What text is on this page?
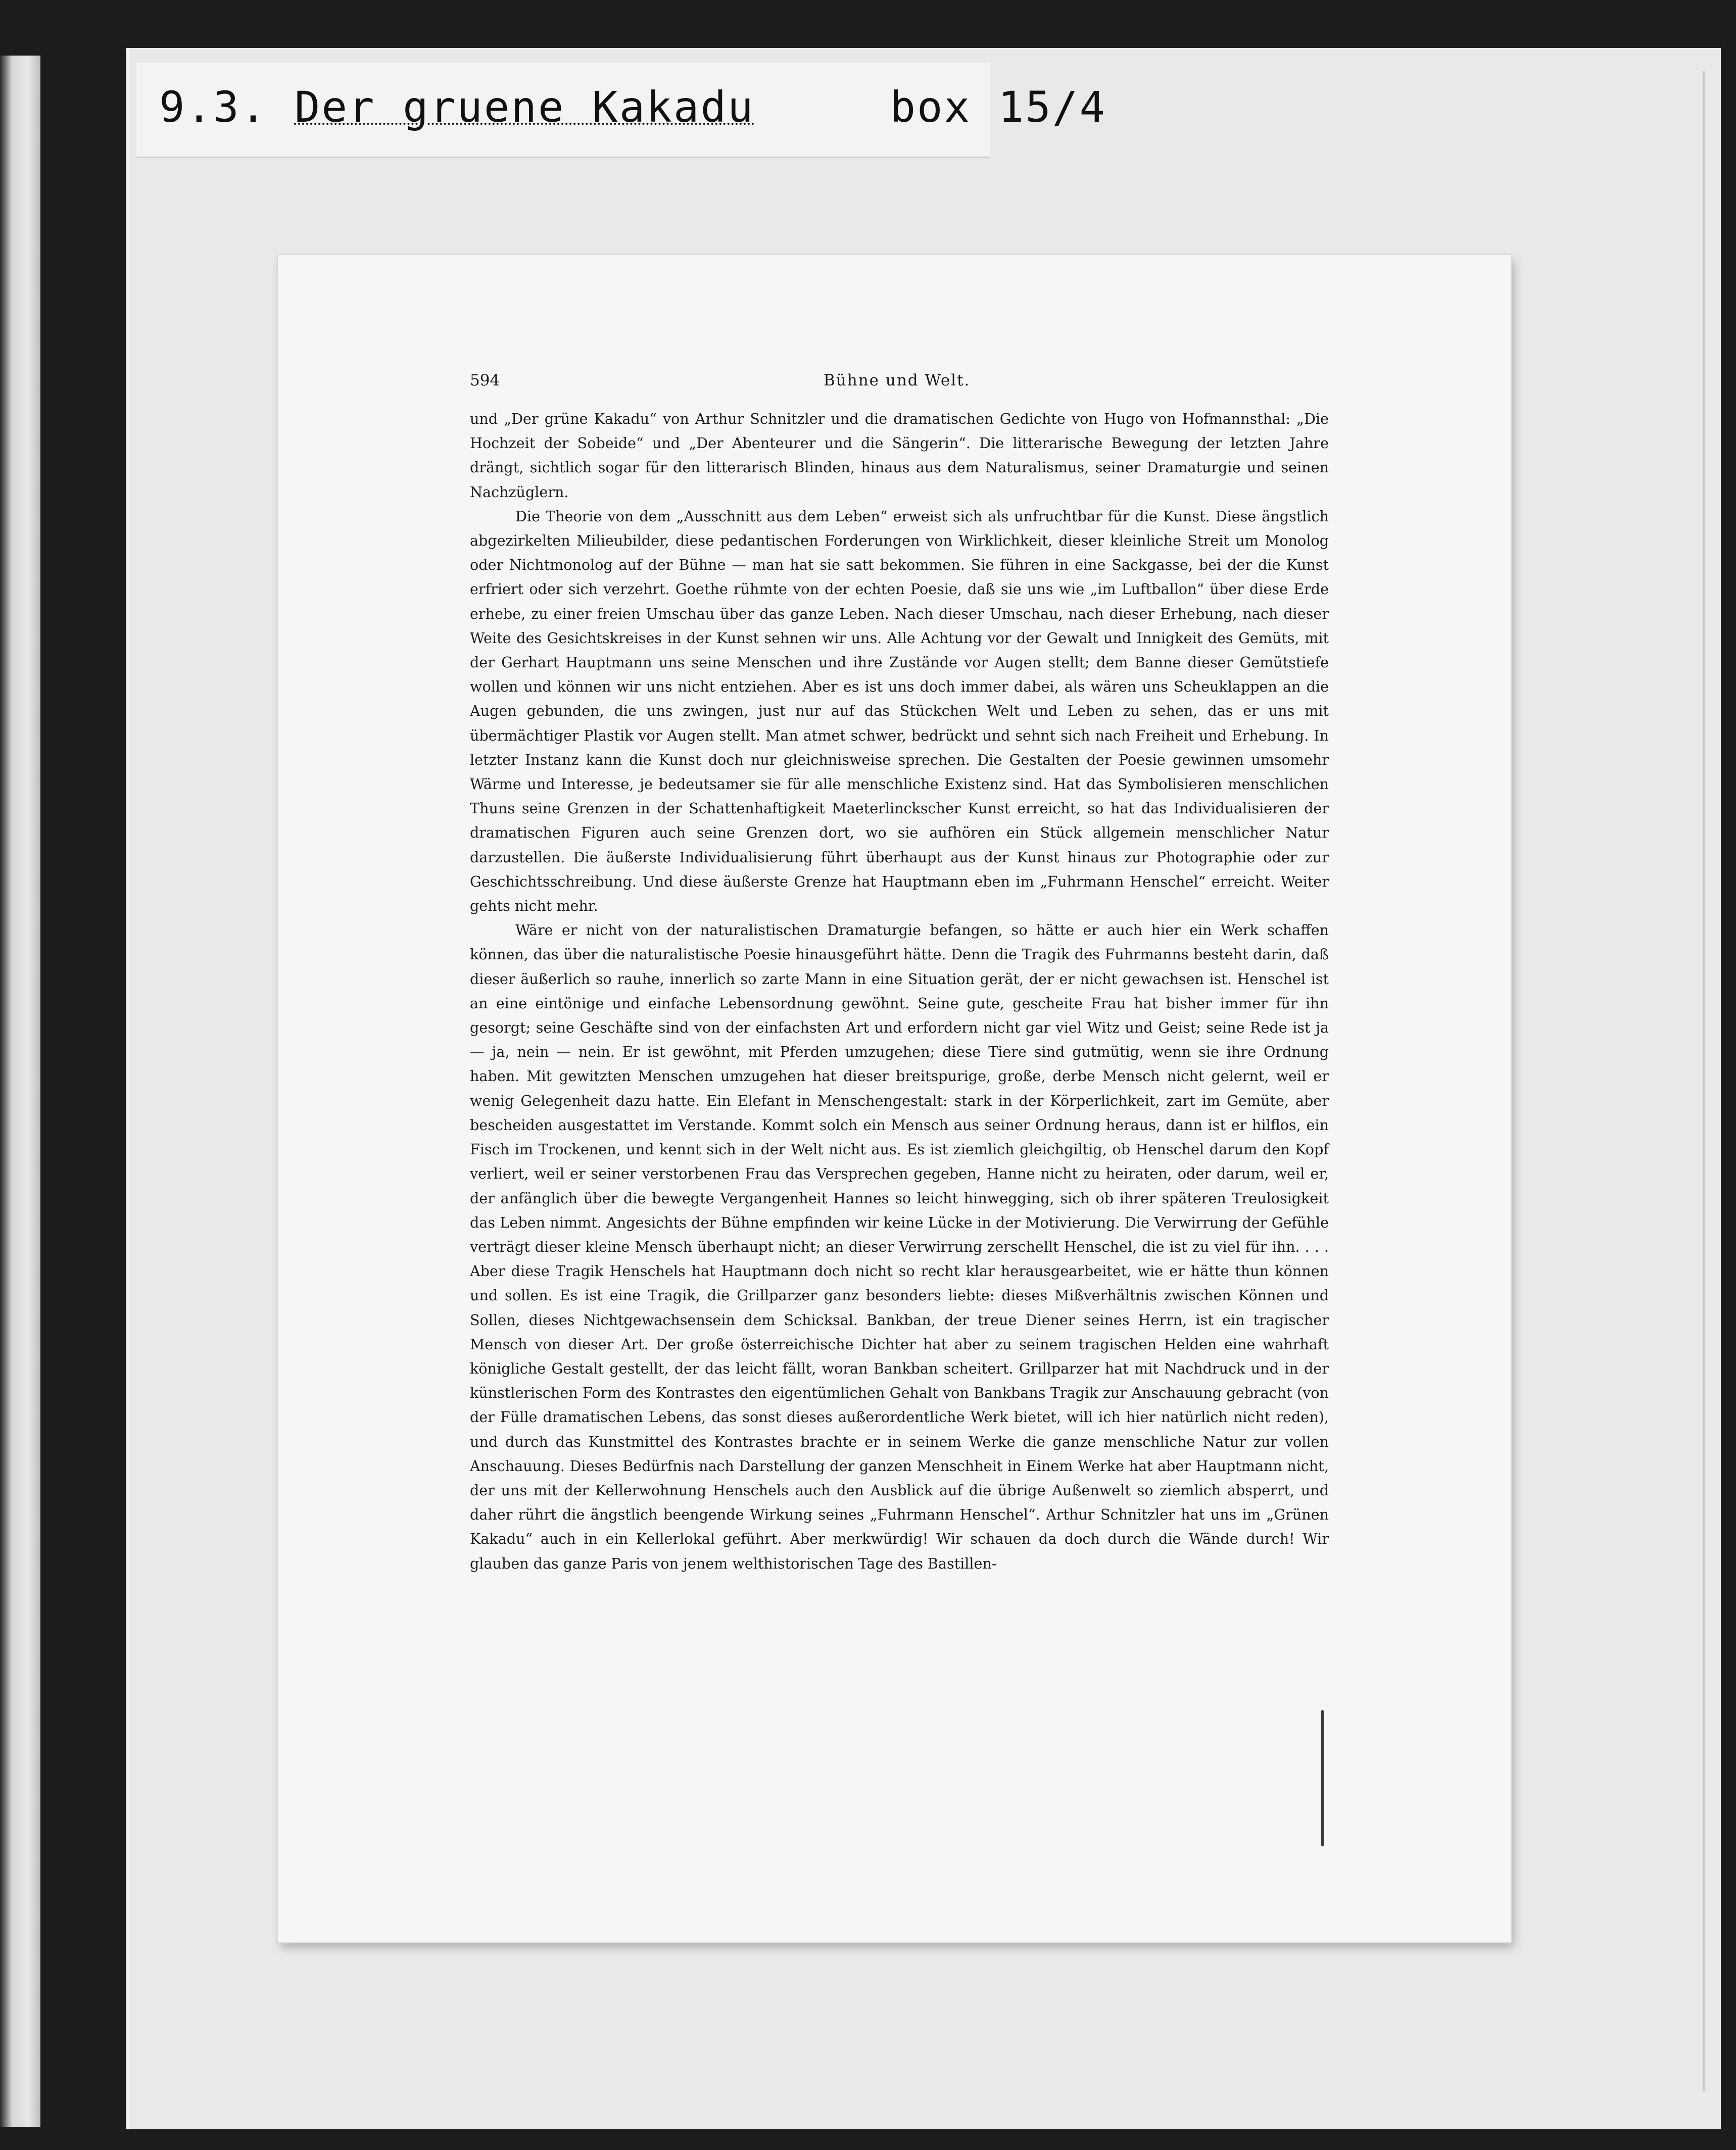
9.3. Der gruene Kakadu	box 15/4
594	Bühne und Welt.

und „Der grüne Kakadu“ von Arthur Schnitzler und die dramatischen Gedichte von Hugo von Hofmannsthal: „Die Hochzeit der Sobeide“ und „Der Abenteurer und die Sängerin“. Die litterarische Bewegung der letzten Jahre drängt, sichtlich sogar für den litterarisch Blinden, hinaus aus dem Naturalismus, seiner Dramaturgie und seinen Nachzüglern.

Die Theorie von dem „Ausschnitt aus dem Leben“ erweist sich als unfruchtbar für die Kunst. Diese ängstlich abgezirkelten Milieubilder, diese pedantischen Forderungen von Wirklichkeit, dieser kleinliche Streit um Monolog oder Nichtmonolog auf der Bühne — man hat sie satt bekommen. Sie führen in eine Sackgasse, bei der die Kunst erfriert oder sich verzehrt. Goethe rühmte von der echten Poesie, daß sie uns wie „im Luftballon“ über diese Erde erhebe, zu einer freien Umschau über das ganze Leben. Nach dieser Umschau, nach dieser Erhebung, nach dieser Weite des Gesichtskreises in der Kunst sehnen wir uns. Alle Achtung vor der Gewalt und Innigkeit des Gemüts, mit der Gerhart Hauptmann uns seine Menschen und ihre Zustände vor Augen stellt; dem Banne dieser Gemütstiefe wollen und können wir uns nicht entziehen. Aber es ist uns doch immer dabei, als wären uns Scheuklappen an die Augen gebunden, die uns zwingen, just nur auf das Stückchen Welt und Leben zu sehen, das er uns mit übermächtiger Plastik vor Augen stellt. Man atmet schwer, bedrückt und sehnt sich nach Freiheit und Erhebung. In letzter Instanz kann die Kunst doch nur gleichnisweise sprechen. Die Gestalten der Poesie gewinnen umsomehr Wärme und Interesse, je bedeutsamer sie für alle menschliche Existenz sind. Hat das Symbolisieren menschlichen Thuns seine Grenzen in der Schattenhaftigkeit Maeterlinckscher Kunst erreicht, so hat das Individualisieren der dramatischen Figuren auch seine Grenzen dort, wo sie aufhören ein Stück allgemein menschlicher Natur darzustellen. Die äußerste Individualisierung führt überhaupt aus der Kunst hinaus zur Photographie oder zur Geschichtsschreibung. Und diese äußerste Grenze hat Hauptmann eben im „Fuhrmann Henschel“ erreicht. Weiter gehts nicht mehr.

Wäre er nicht von der naturalistischen Dramaturgie befangen, so hätte er auch hier ein Werk schaffen können, das über die naturalistische Poesie hinausgeführt hätte. Denn die Tragik des Fuhrmanns besteht darin, daß dieser äußerlich so rauhe, innerlich so zarte Mann in eine Situation gerät, der er nicht gewachsen ist. Henschel ist an eine eintönige und einfache Lebensordnung gewöhnt. Seine gute, gescheite Frau hat bisher immer für ihn gesorgt; seine Geschäfte sind von der einfachsten Art und erfordern nicht gar viel Witz und Geist; seine Rede ist ja — ja, nein — nein. Er ist gewöhnt, mit Pferden umzugehen; diese Tiere sind gutmütig, wenn sie ihre Ordnung haben. Mit gewitzten Menschen umzugehen hat dieser breitspurige, große, derbe Mensch nicht gelernt, weil er wenig Gelegenheit dazu hatte. Ein Elefant in Menschengestalt: stark in der Körperlichkeit, zart im Gemüte, aber bescheiden ausgestattet im Verstande. Kommt solch ein Mensch aus seiner Ordnung heraus, dann ist er hilflos, ein Fisch im Trockenen, und kennt sich in der Welt nicht aus. Es ist ziemlich gleichgiltig, ob Henschel darum den Kopf verliert, weil er seiner verstorbenen Frau das Versprechen gegeben, Hanne nicht zu heiraten, oder darum, weil er, der anfänglich über die bewegte Vergangenheit Hannes so leicht hinwegging, sich ob ihrer späteren Treulosigkeit das Leben nimmt. Angesichts der Bühne empfinden wir keine Lücke in der Motivierung. Die Verwirrung der Gefühle verträgt dieser kleine Mensch überhaupt nicht; an dieser Verwirrung zerschellt Henschel, die ist zu viel für ihn. . . . Aber diese Tragik Henschels hat Hauptmann doch nicht so recht klar herausgearbeitet, wie er hätte thun können und sollen. Es ist eine Tragik, die Grillparzer ganz besonders liebte: dieses Mißverhältnis zwischen Können und Sollen, dieses Nichtgewachsensein dem Schicksal. Bankban, der treue Diener seines Herrn, ist ein tragischer Mensch von dieser Art. Der große österreichische Dichter hat aber zu seinem tragischen Helden eine wahrhaft königliche Gestalt gestellt, der das leicht fällt, woran Bankban scheitert. Grillparzer hat mit Nachdruck und in der künstlerischen Form des Kontrastes den eigentümlichen Gehalt von Bankbans Tragik zur Anschauung gebracht (von der Fülle dramatischen Lebens, das sonst dieses außerordentliche Werk bietet, will ich hier natürlich nicht reden), und durch das Kunstmittel des Kontrastes brachte er in seinem Werke die ganze menschliche Natur zur vollen Anschauung. Dieses Bedürfnis nach Darstellung der ganzen Menschheit in Einem Werke hat aber Hauptmann nicht, der uns mit der Kellerwohnung Henschels auch den Ausblick auf die übrige Außenwelt so ziemlich absperrt, und daher rührt die ängstlich beengende Wirkung seines „Fuhrmann Henschel“. Arthur Schnitzler hat uns im „Grünen Kakadu“ auch in ein Kellerlokal geführt. Aber merkwürdig! Wir schauen da doch durch die Wände durch! Wir glauben das ganze Paris von jenem welthistorischen Tage des Bastillen-
